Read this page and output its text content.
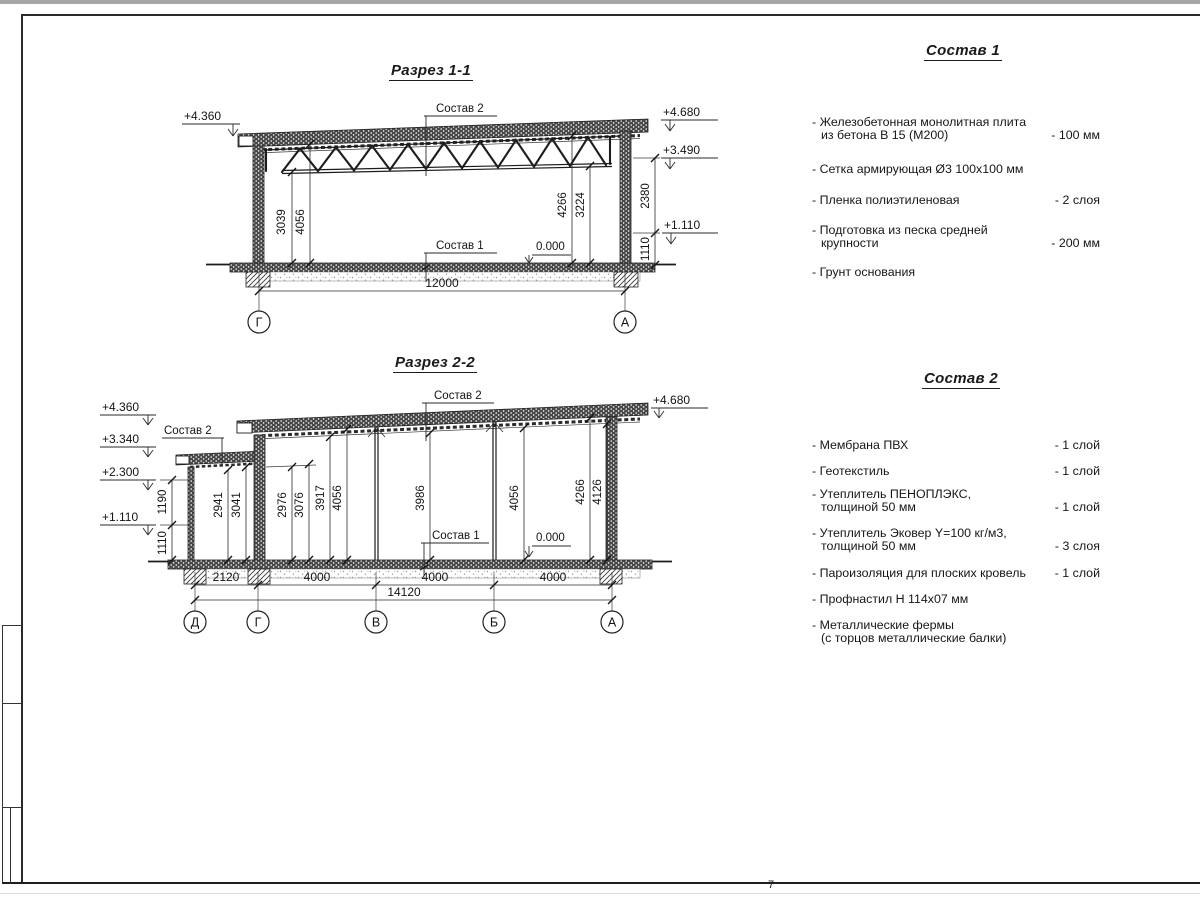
7
Разрез 1-1
Разрез 2-2
Состав 1
Состав 2
+4.360	+4.680
+3.490
+1.110
Состав 2
Состав 1	0.000
3039 4056
4266 3224	2380
1110
12000
Г	А
+4.360
+3.340
+2.300
+1.110
+4.680
1190
1110
Состав 2
Состав 2
Состав 1	0.000
2941 3041	2976 3076 3917 4056	3986	4056	4266 4126
2120	4000	4000	4000
14120
Д	Г	В	Б	А
- Железобетонная монолитная плита
из бетона В 15 (М200)	- 100 мм
- Сетка армирующая Ø3 100х100 мм
- Пленка полиэтиленовая	- 2 слоя
- Подготовка из песка средней
крупности	- 200 мм
- Грунт основания
- Мембрана ПВХ	- 1 слой
- Геотекстиль	- 1 слой
- Утеплитель ПЕНОПЛЭКС,
толщиной 50 мм	- 1 слой
- Утеплитель Эковер Y=100 кг/м3,
толщиной 50 мм	- 3 слоя
- Пароизоляция для плоских кровель - 1 слой
- Профнастил Н 114х07 мм
- Металлические фермы
(с торцов металлические балки)
